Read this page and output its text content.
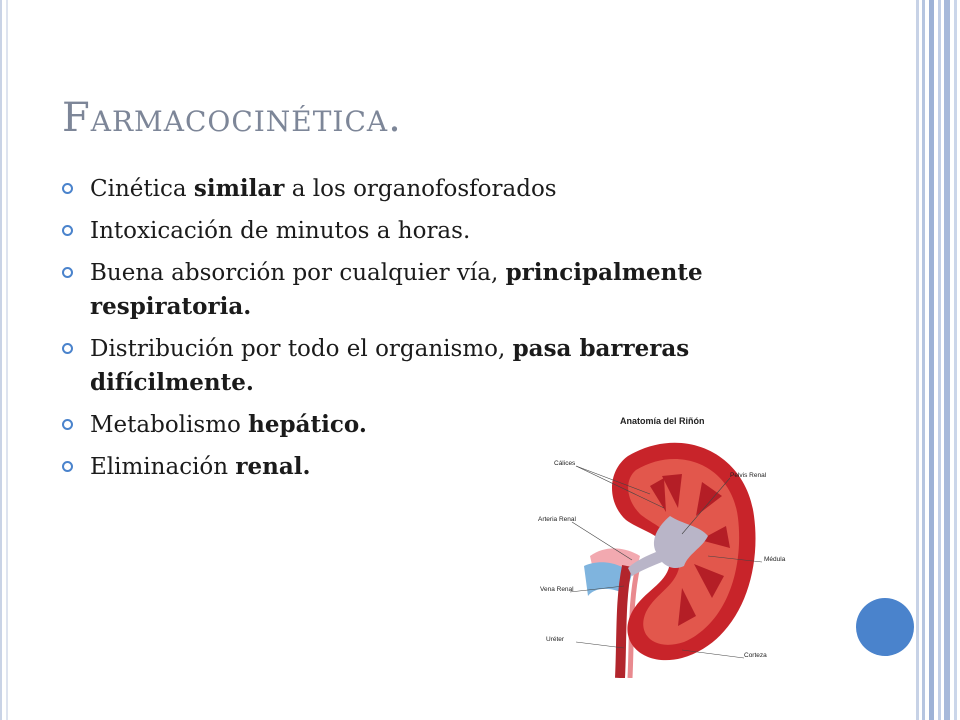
Farmacocinética.
Cinética similar a los organofosforados
Intoxicación de minutos a horas.
Buena absorción por cualquier vía, principalmente respiratoria.
Distribución por todo el organismo, pasa barreras difícilmente.
Metabolismo hepático.
Eliminación renal.
Anatomía del Riñón
Cálices
Pelvis Renal
Arteria Renal
Médula
Vena Renal
Uréter
Corteza
